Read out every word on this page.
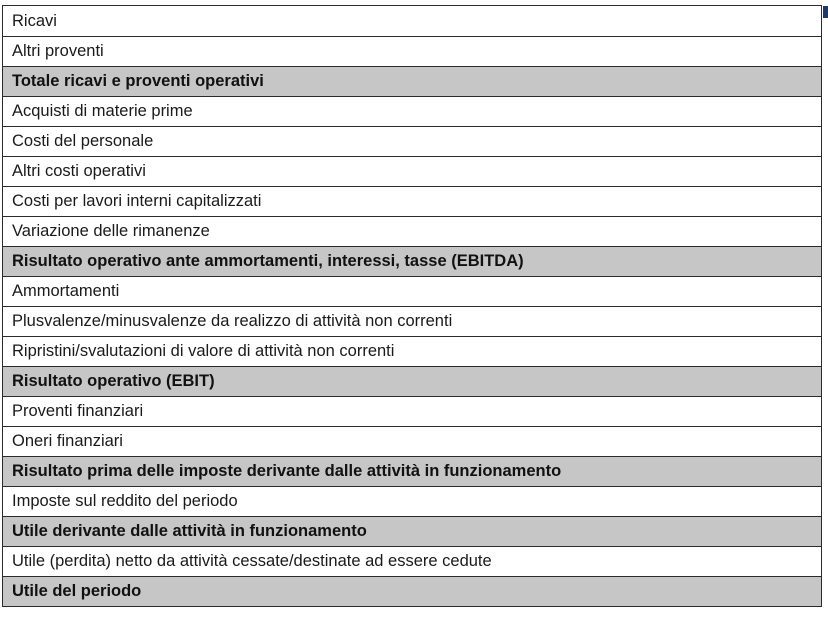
Ricavi
Altri proventi
Totale ricavi e proventi operativi
Acquisti di materie prime
Costi del personale
Altri costi operativi
Costi per lavori interni capitalizzati
Variazione delle rimanenze
Risultato operativo ante ammortamenti, interessi, tasse (EBITDA)
Ammortamenti
Plusvalenze/minusvalenze da realizzo di attività non correnti
Ripristini/svalutazioni di valore di attività non correnti
Risultato operativo (EBIT)
Proventi finanziari
Oneri finanziari
Risultato prima delle imposte derivante dalle attività in funzionamento
Imposte sul reddito del periodo
Utile derivante dalle attività in funzionamento
Utile (perdita) netto da attività cessate/destinate ad essere cedute
Utile del periodo
